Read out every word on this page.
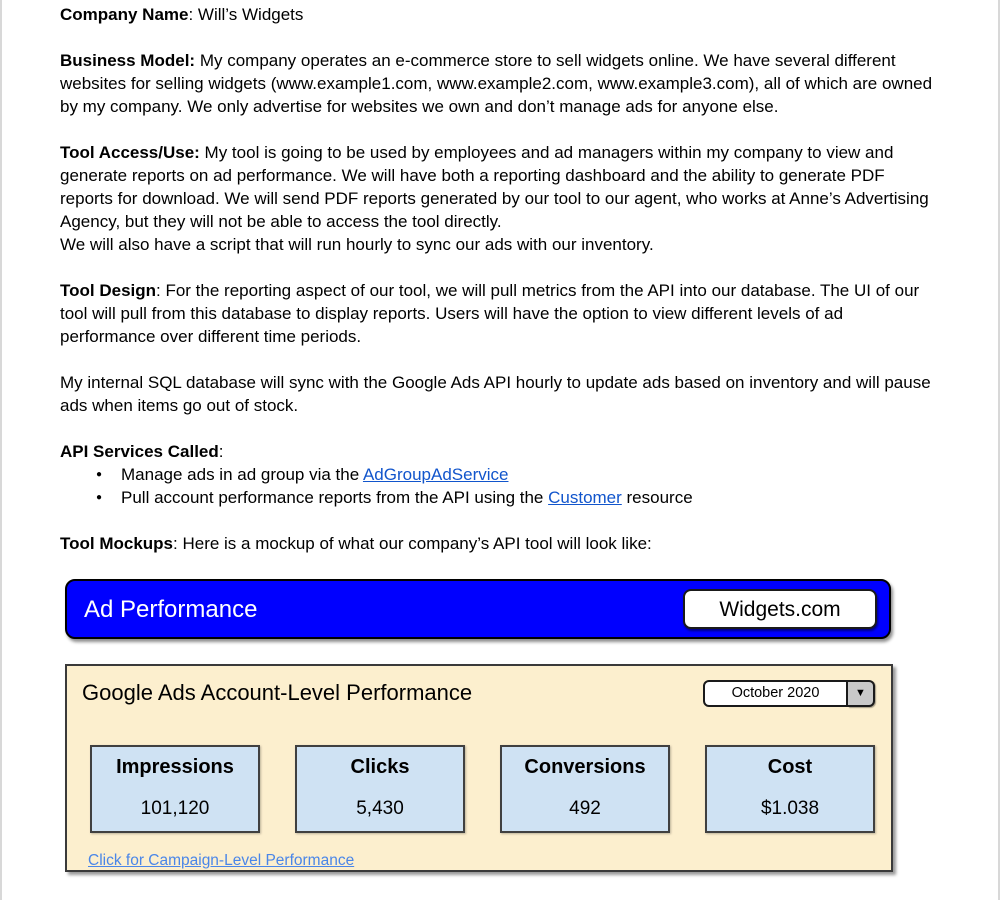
Company Name: Will’s Widgets

Business Model: My company operates an e-commerce store to sell widgets online. We have several different websites for selling widgets (www.example1.com, www.example2.com, www.example3.com), all of which are owned by my company. We only advertise for websites we own and don’t manage ads for anyone else.

Tool Access/Use: My tool is going to be used by employees and ad managers within my company to view and generate reports on ad performance. We will have both a reporting dashboard and the ability to generate PDF reports for download. We will send PDF reports generated by our tool to our agent, who works at Anne’s Advertising Agency, but they will not be able to access the tool directly.
We will also have a script that will run hourly to sync our ads with our inventory.

Tool Design: For the reporting aspect of our tool, we will pull metrics from the API into our database. The UI of our tool will pull from this database to display reports. Users will have the option to view different levels of ad performance over different time periods.

My internal SQL database will sync with the Google Ads API hourly to update ads based on inventory and will pause ads when items go out of stock.

API Services Called:
●	Manage ads in ad group via the AdGroupAdService
●	Pull account performance reports from the API using the Customer resource

Tool Mockups: Here is a mockup of what our company’s API tool will look like:

Ad Performance	Widgets.com
Google Ads Account-Level Performance	October 2020	▼
Impressions
101,120
Clicks
5,430
Conversions
492
Cost
$1.038
Click for Campaign-Level Performance
